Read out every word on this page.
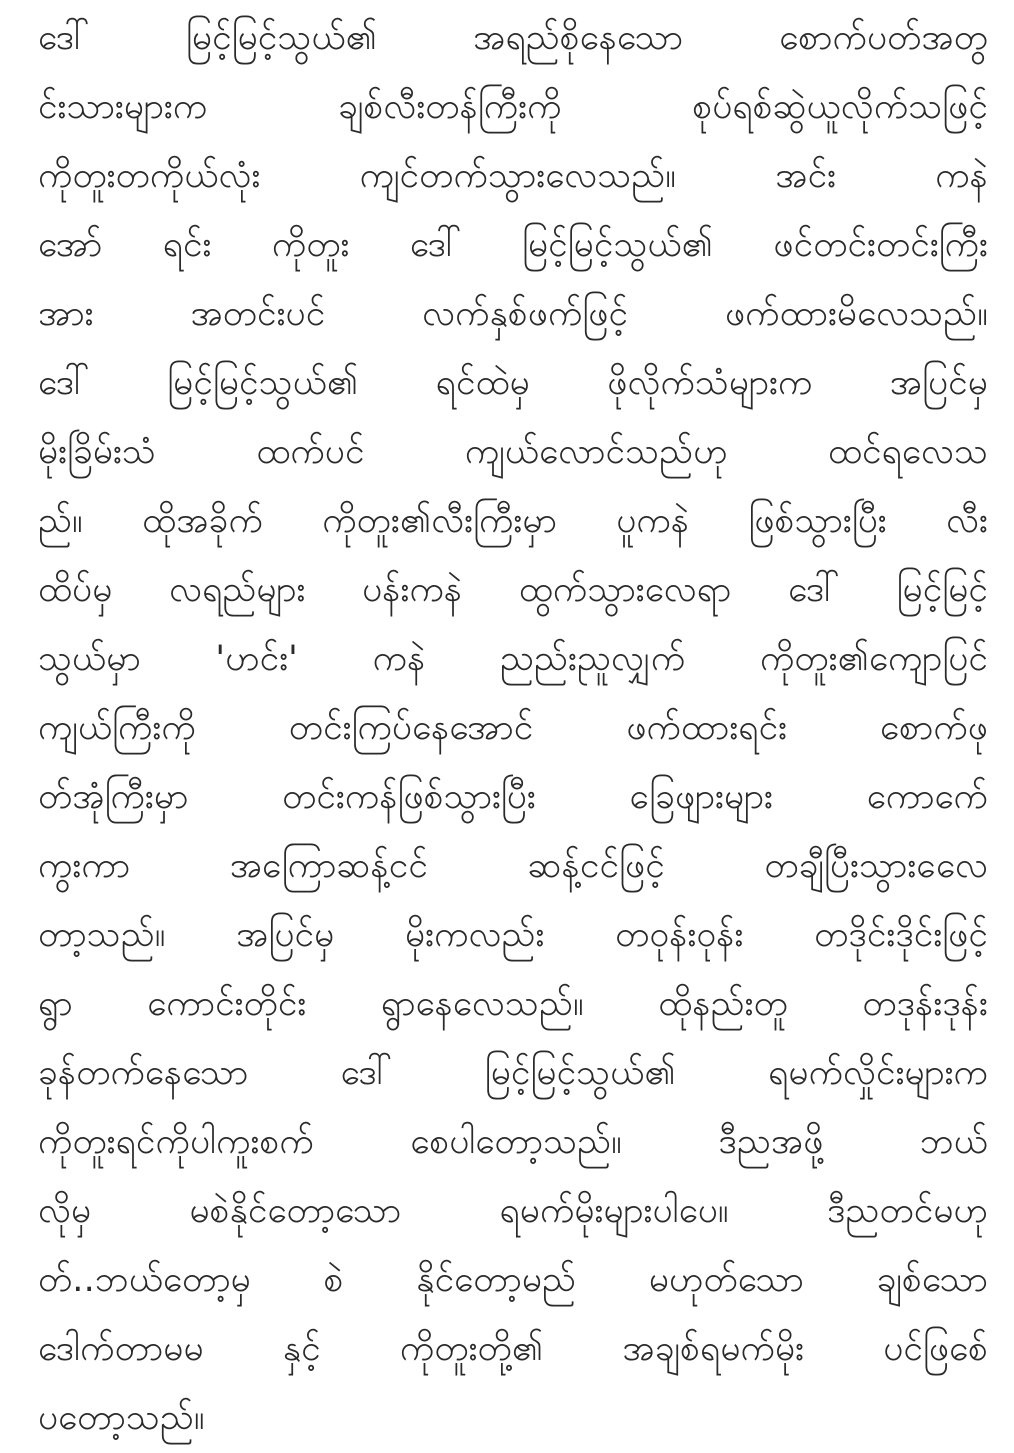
ဒေါ် မြင့်မြင့်သွယ်၏ အရည်စိုနေသော စောက်ပတ်အတွ
င်းသားများက ချစ်လီးတန်ကြီးကို စုပ်ရစ်ဆွဲယူလိုက်သဖြင့်
ကိုတူးတကိုယ်လုံး ကျင်တက်သွားလေသည်။ အင်း ကနဲ
အော် ရင်း ကိုတူး ဒေါ် မြင့်မြင့်သွယ်၏ ဖင်တင်းတင်းကြီး
အား အတင်းပင် လက်နှစ်ဖက်ဖြင့် ဖက်ထားမိလေသည်။
ဒေါ် မြင့်မြင့်သွယ်၏ ရင်ထဲမှ ဖိုလိုက်သံများက အပြင်မှ
မိုးခြိမ်းသံ ထက်ပင် ကျယ်လောင်သည်ဟု ထင်ရလေသ
ည်။ ထိုအခိုက် ကိုတူး၏လီးကြီးမှာ ပူကနဲ ဖြစ်သွားပြီး လီး
ထိပ်မှ လရည်များ ပန်းကနဲ ထွက်သွားလေရာ ဒေါ် မြင့်မြင့်
သွယ်မှာ 'ဟင်း' ကနဲ ညည်းညူလျှက် ကိုတူး၏ကျောပြင်
ကျယ်ကြီးကို တင်းကြပ်နေအောင် ဖက်ထားရင်း စောက်ဖု
တ်အုံကြီးမှာ တင်းကန်ဖြစ်သွားပြီး ခြေဖျားများ ကောက်ေ
ကွးကာ အကြောဆန့်ငင် ဆန့်ငင်ဖြင့် တချီပြီးသွားလေေ
တာ့သည်။ အပြင်မှ မိုးကလည်း တဝုန်းဝုန်း တဒိုင်းဒိုင်းဖြင့်
ရွာ ကောင်းတိုင်း ရွာနေလေသည်။ ထိုနည်းတူ တဒုန်းဒုန်း
ခုန်တက်နေသော ဒေါ် မြင့်မြင့်သွယ်၏ ရမက်လှိုင်းများက
ကိုတူးရင်ကိုပါကူးစက် စေပါတော့သည်။ ဒီညအဖို့ ဘယ်
လိုမှ မစဲနိုင်တော့သော ရမက်မိုးများပါပေ။ ဒီညတင်မဟု
တ်..ဘယ်တော့မှ စဲ နိုင်တော့မည် မဟုတ်သော ချစ်သော
ဒေါက်တာမမ နှင့် ကိုတူးတို့၏ အချစ်ရမက်မိုး ပင်ဖြစ်ေ
ပတော့သည်။
